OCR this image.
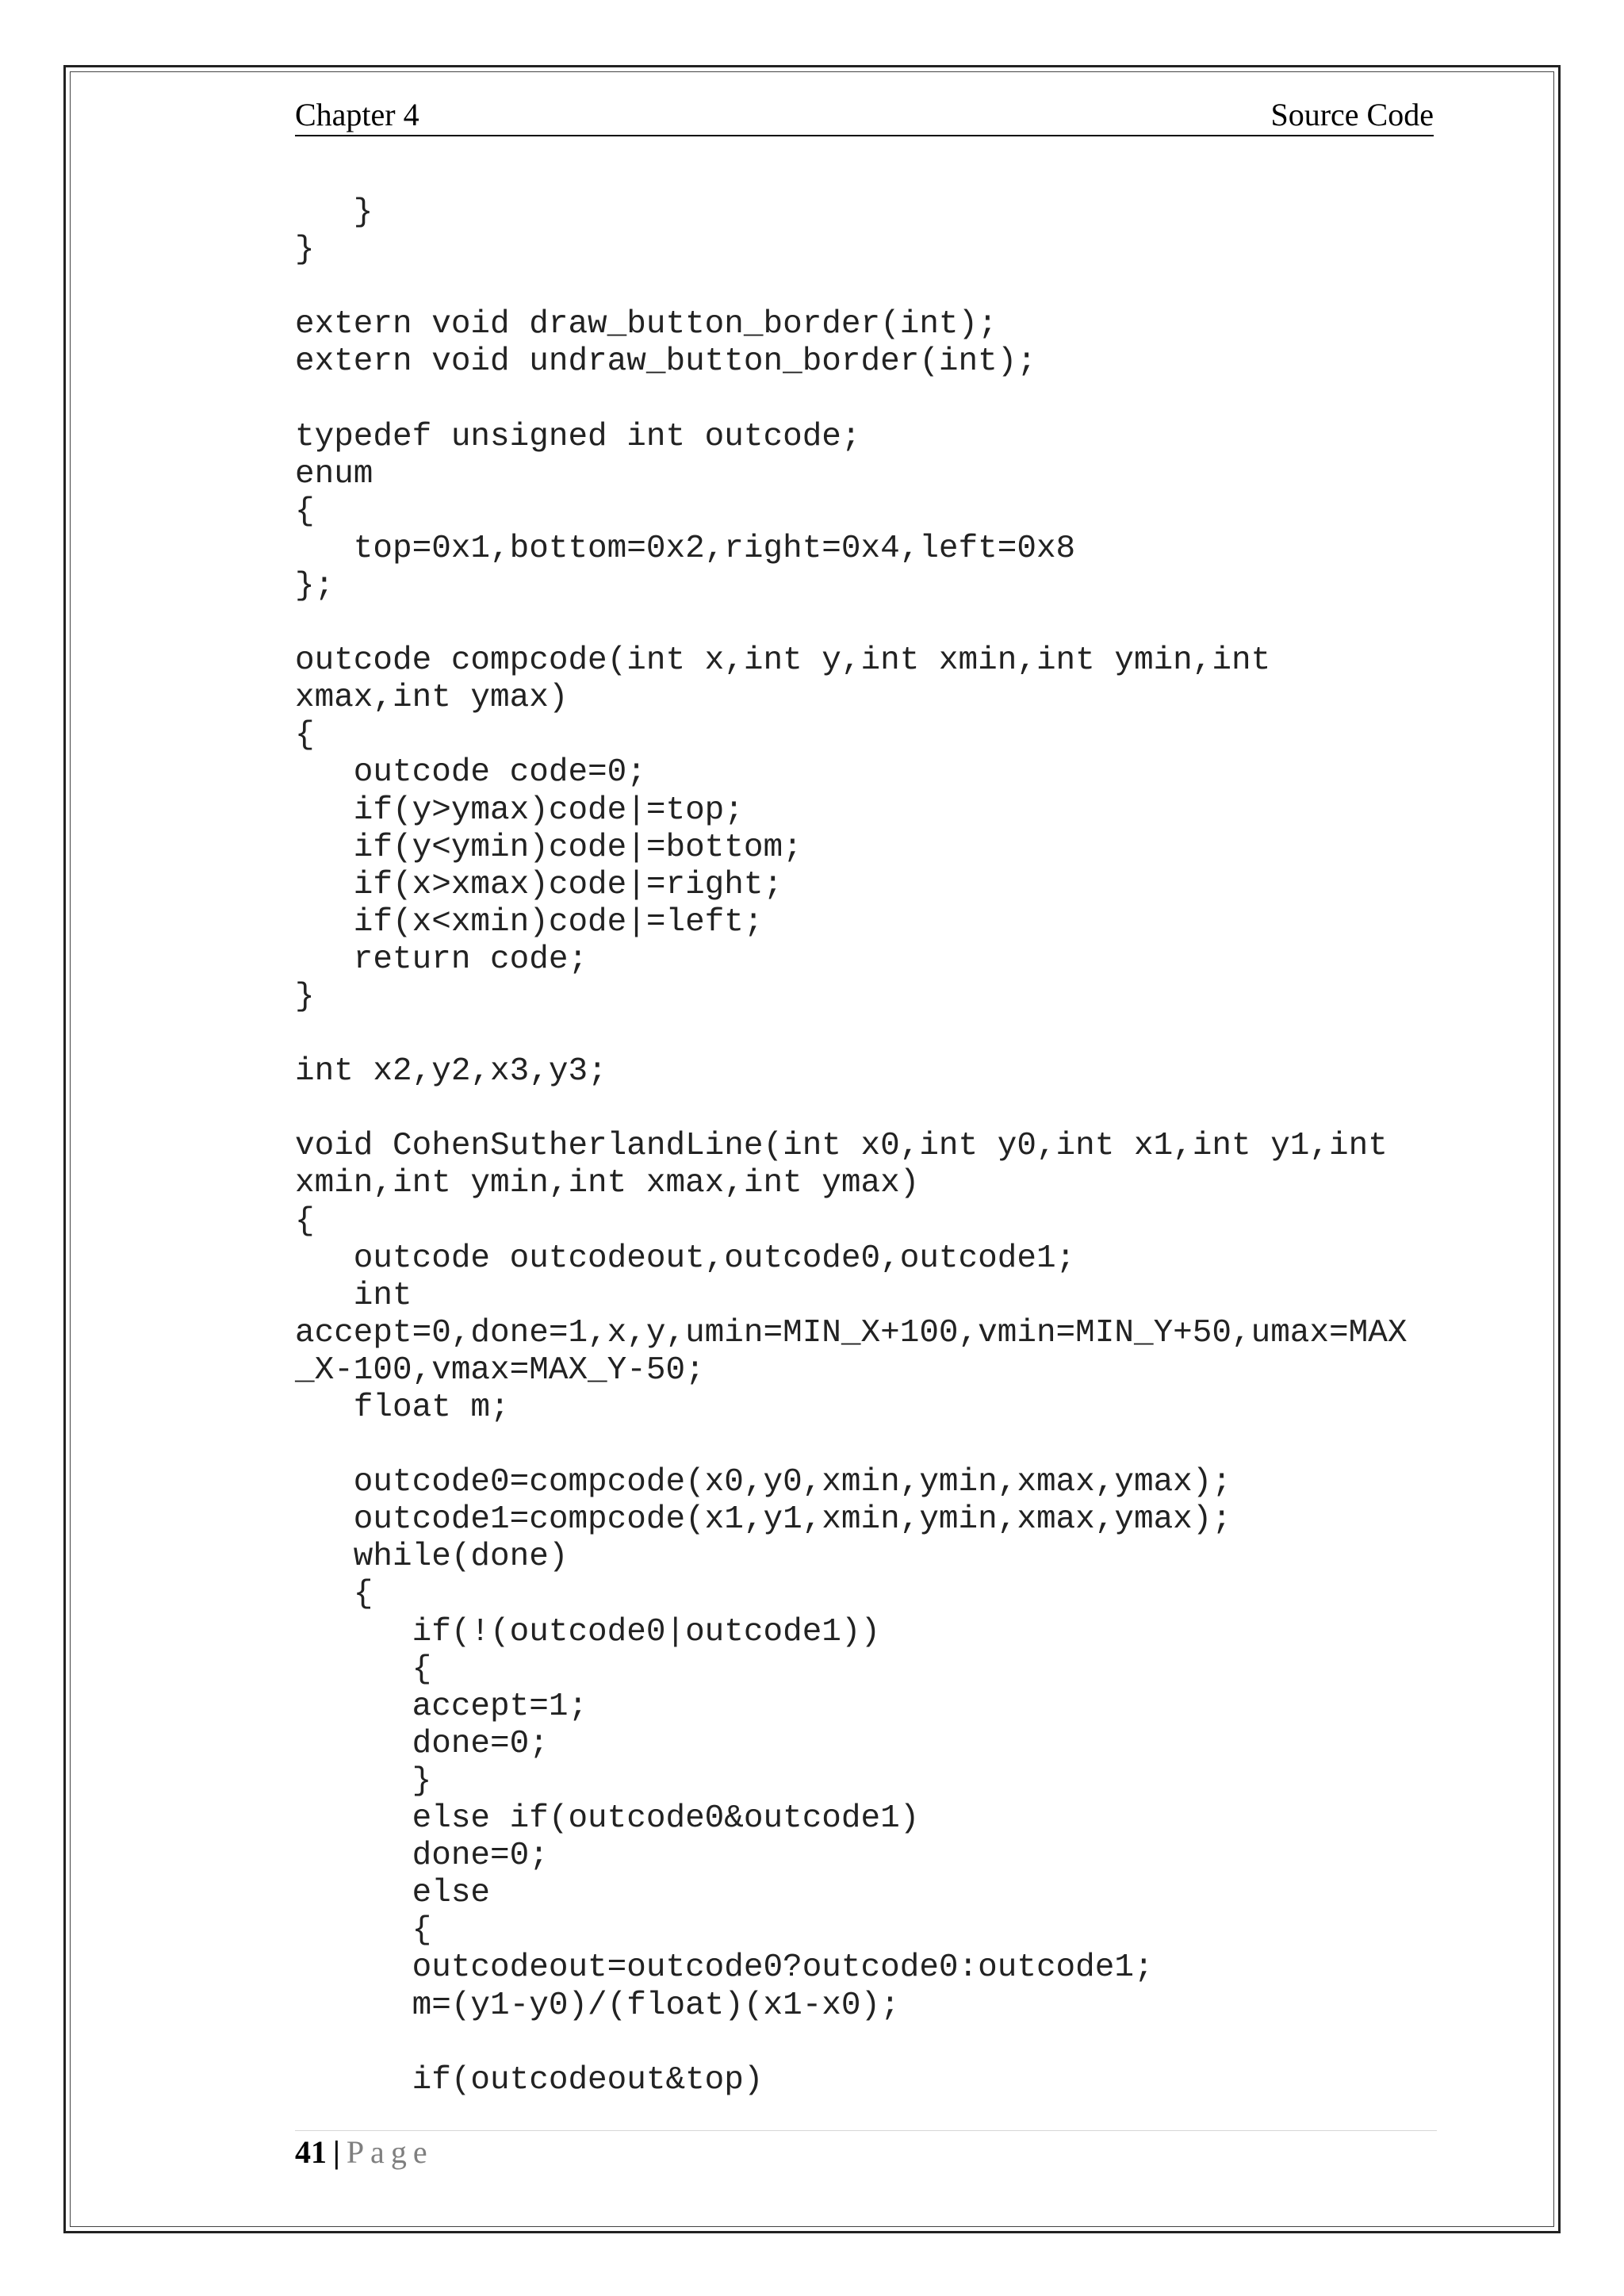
Chapter 4	Source Code
}
}
extern void draw_button_border(int);
extern void undraw_button_border(int);
typedef unsigned int outcode;
enum
{
top=0x1,bottom=0x2,right=0x4,left=0x8
};
outcode compcode(int x,int y,int xmin,int ymin,int
xmax,int ymax)
{
outcode code=0;
if(y>ymax)code|=top;
if(y<ymin)code|=bottom;
if(x>xmax)code|=right;
if(x<xmin)code|=left;
return code;
}
int x2,y2,x3,y3;
void CohenSutherlandLine(int x0,int y0,int x1,int y1,int
xmin,int ymin,int xmax,int ymax)
{
outcode outcodeout,outcode0,outcode1;
int
accept=0,done=1,x,y,umin=MIN_X+100,vmin=MIN_Y+50,umax=MAX
_X-100,vmax=MAX_Y-50;
float m;
outcode0=compcode(x0,y0,xmin,ymin,xmax,ymax);
outcode1=compcode(x1,y1,xmin,ymin,xmax,ymax);
while(done)
{
if(!(outcode0|outcode1))
{
accept=1;
done=0;
}
else if(outcode0&outcode1)
done=0;
else
{
outcodeout=outcode0?outcode0:outcode1;
m=(y1-y0)/(float)(x1-x0);
if(outcodeout&top)
41 | Page
